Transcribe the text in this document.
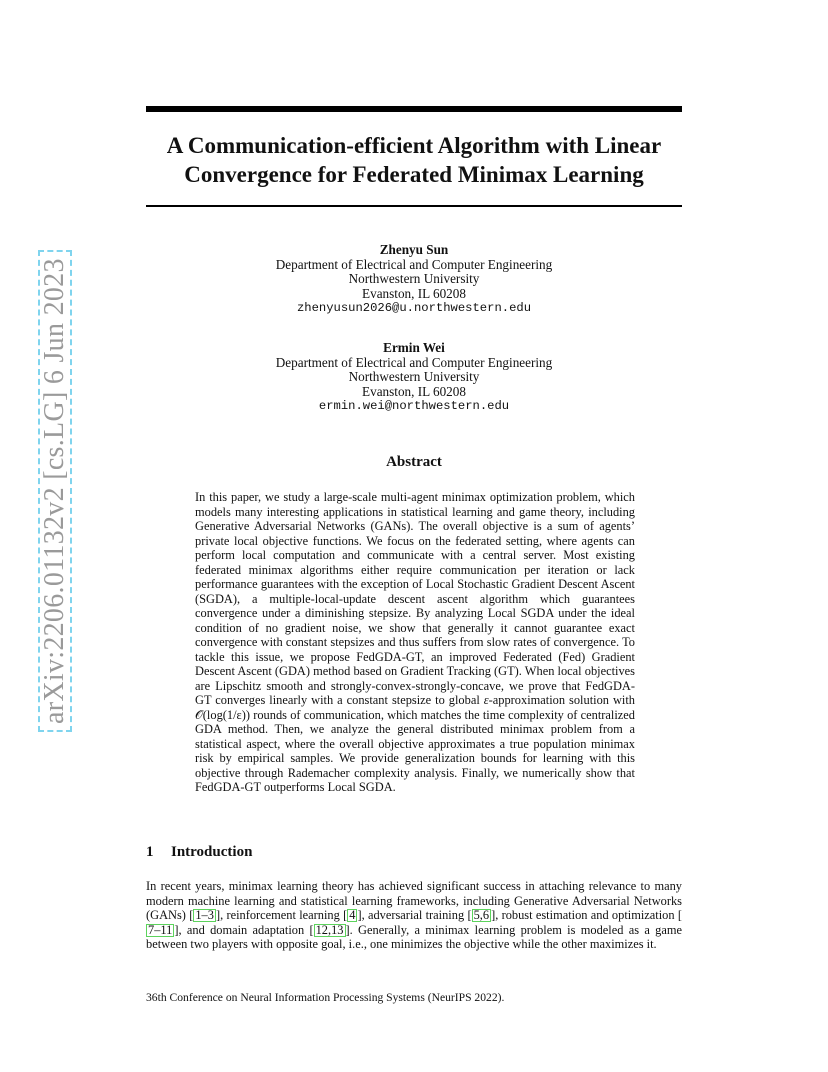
A Communication-efficient Algorithm with Linear
Convergence for Federated Minimax Learning
arXiv:2206.01132v2 [cs.LG] 6 Jun 2023
Zhenyu Sun
Department of Electrical and Computer Engineering
Northwestern University
Evanston, IL 60208
zhenyusun2026@u.northwestern.edu
Ermin Wei
Department of Electrical and Computer Engineering
Northwestern University
Evanston, IL 60208
ermin.wei@northwestern.edu
Abstract

In this paper, we study a large-scale multi-agent minimax optimization problem, which models many interesting applications in statistical learning and game theory, including Generative Adversarial Networks (GANs). The overall objective is a sum of agents’ private local objective functions. We focus on the federated setting, where agents can perform local computation and communicate with a central server. Most existing federated minimax algorithms either require communication per iteration or lack performance guarantees with the exception of Local Stochastic Gradient Descent Ascent (SGDA), a multiple-local-update descent ascent algorithm which guarantees convergence under a diminishing stepsize. By analyzing Local SGDA under the ideal condition of no gradient noise, we show that generally it cannot guarantee exact convergence with constant stepsizes and thus suffers from slow rates of convergence. To tackle this issue, we propose FedGDA-GT, an improved Federated (Fed) Gradient Descent Ascent (GDA) method based on Gradient Tracking (GT). When local objectives are Lipschitz smooth and strongly-convex-strongly-concave, we prove that FedGDA-GT converges linearly with a constant stepsize to global ε-approximation solution with 𝒪(log(1/ε)) rounds of communication, which matches the time complexity of centralized GDA method. Then, we analyze the general distributed minimax problem from a statistical aspect, where the overall objective approximates a true population minimax risk by empirical samples. We provide generalization bounds for learning with this objective through Rademacher complexity analysis. Finally, we numerically show that FedGDA-GT outperforms Local SGDA.

1 Introduction

In recent years, minimax learning theory has achieved significant success in attaching relevance to many modern machine learning and statistical learning frameworks, including Generative Adversarial Networks (GANs) [ 1–3 ], reinforcement learning [ 4 ], adversarial training [ 5,6 ], robust estimation and optimization [7–11 ], and domain adaptation [ 12,13 ]. Generally, a minimax learning problem is modeled as a game between two players with opposite goal, i.e., one minimizes the objective while the other maximizes it.

36th Conference on Neural Information Processing Systems (NeurIPS 2022).
